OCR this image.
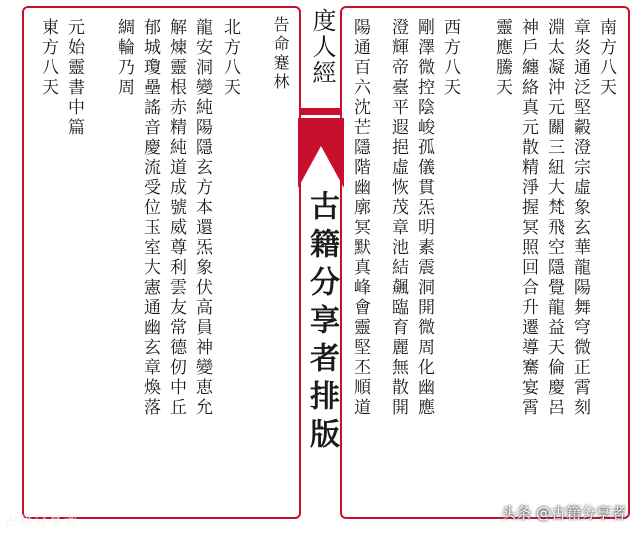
告命蹇林
北方八天
龍安洞變純陽隱玄方本還炁象伏高員神變恵允
解煉靈根赤精純道成號威尊利雲友常德仞中丘
郁城瓊壘謠音慶流受位玉室大憲通幽玄章煥落
綢輪乃周
元始靈書中篇
東方八天	南方八天
章炎通泛堅㲉澄宗虛象玄華龍陽舞穹微正霄刻
淵太凝沖元關三紐大梵飛空隱覺龍益天倫慶呂
神戶纏絡真元散精淨握冥照回合升遷導騫宴霄
靈應騰天
西方八天
剛澤微控陰峻孤儀貫炁明素震洞開微周化幽應
澄輝帝臺平遐挹虛恢茂章池結飆臨育麗無散開
陽通百六沈芒隱階幽廓冥默真峰會靈堅丕順道
度人經
古籍分享者排版
古籍分享者	头条 @古籍分享者
